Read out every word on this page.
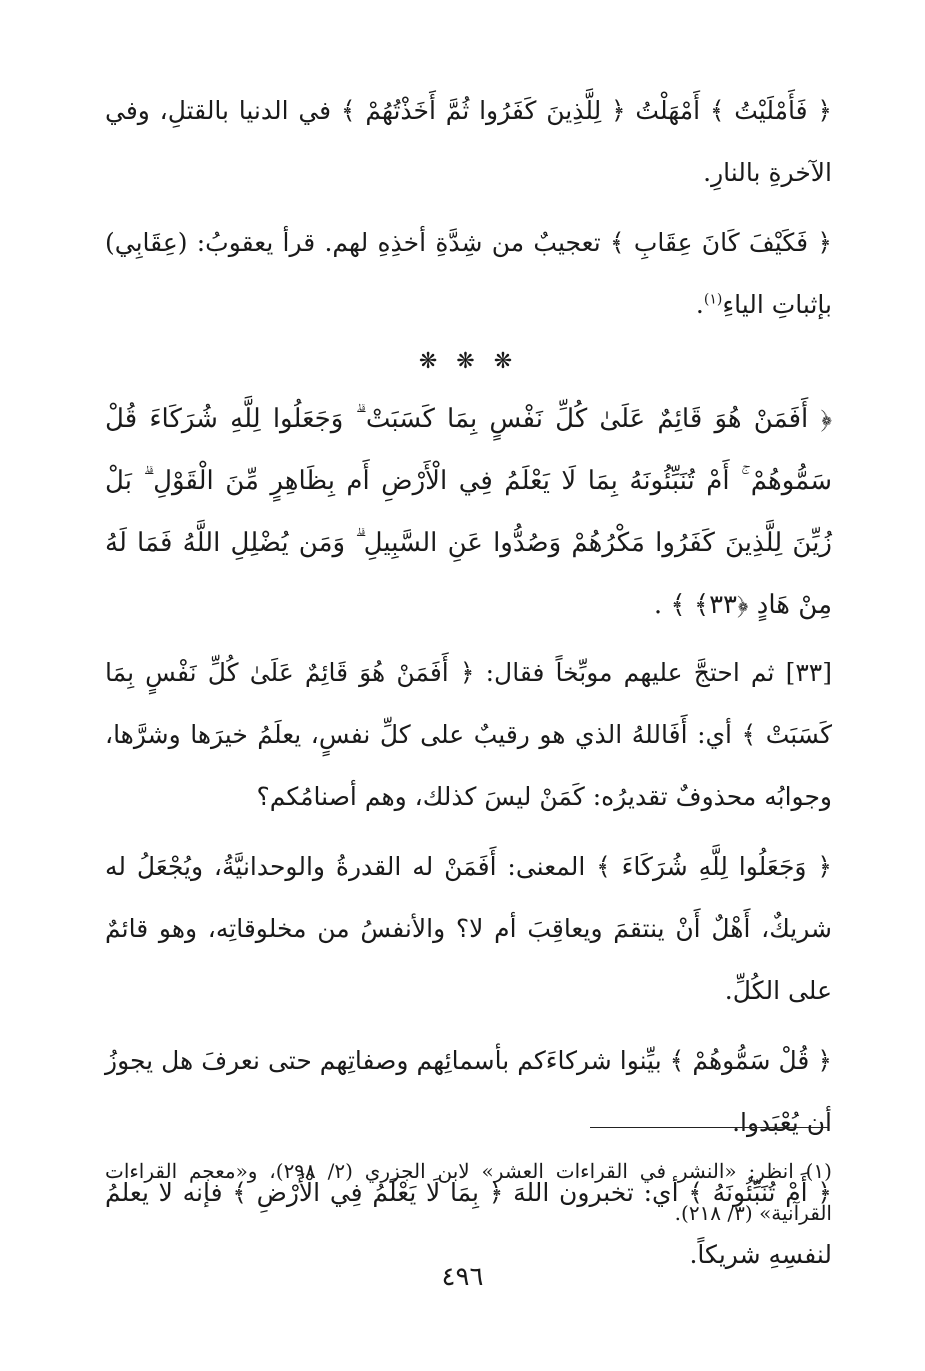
﴿ فَأَمْلَيْتُ ﴾ أَمْهَلْتُ ﴿ لِلَّذِينَ كَفَرُوا ثُمَّ أَخَذْتُهُمْ ﴾ في الدنيا بالقتلِ، وفي الآخرةِ بالنارِ.

﴿ فَكَيْفَ كَانَ عِقَابِ ﴾ تعجيبٌ من شِدَّةِ أخذِهِ لهم. قرأ يعقوبُ: (عِقَابِي) بإثباتِ الياءِ$^{(١)}$.

❋ ❋ ❋

﴿ أَفَمَنْ هُوَ قَائِمٌ عَلَىٰ كُلِّ نَفْسٍ بِمَا كَسَبَتْ ۗ وَجَعَلُوا لِلَّهِ شُرَكَاءَ قُلْ سَمُّوهُمْ ۚ أَمْ تُنَبِّئُونَهُ بِمَا لَا يَعْلَمُ فِي الْأَرْضِ أَم بِظَاهِرٍ مِّنَ الْقَوْلِ ۗ بَلْ زُيِّنَ لِلَّذِينَ كَفَرُوا مَكْرُهُمْ وَصُدُّوا عَنِ السَّبِيلِ ۗ وَمَن يُضْلِلِ اللَّهُ فَمَا لَهُ مِنْ هَادٍ ﴿٣٣﴾ ﴾ .

[٣٣] ثم احتجَّ عليهم موبِّخاً فقال: ﴿ أَفَمَنْ هُوَ قَائِمٌ عَلَىٰ كُلِّ نَفْسٍ بِمَا كَسَبَتْ ﴾ أي: أَفَاللهُ الذي هو رقيبٌ على كلِّ نفسٍ، يعلَمُ خيرَها وشرَّها، وجوابُه محذوفٌ تقديرُه: كَمَنْ ليسَ كذلك، وهم أصنامُكم؟

﴿ وَجَعَلُوا لِلَّهِ شُرَكَاءَ ﴾ المعنى: أَفَمَنْ له القدرةُ والوحدانيَّةُ، ويُجْعَلُ له شريكٌ، أَهْلٌ أَنْ ينتقمَ ويعاقِبَ أم لا؟ والأنفسُ من مخلوقاتِه، وهو قائمٌ على الكُلِّ.

﴿ قُلْ سَمُّوهُمْ ﴾ بيِّنوا شركاءَكم بأسمائِهم وصفاتِهم حتى نعرفَ هل يجوزُ أن يُعْبَدوا.

﴿ أَمْ تُنَبِّئُونَهُ ﴾ أي: تخبرون اللهَ ﴿ بِمَا لَا يَعْلَمُ فِي الْأَرْضِ ﴾ فإنه لا يعلمُ لنفسِهِ شريكاً.

(١) انظر: «النشر في القراءات العشر» لابن الجزري (٢/ ٢٩٨)، و«معجم القراءات القرآنية» (٣/ ٢١٨).
٤٩٦
